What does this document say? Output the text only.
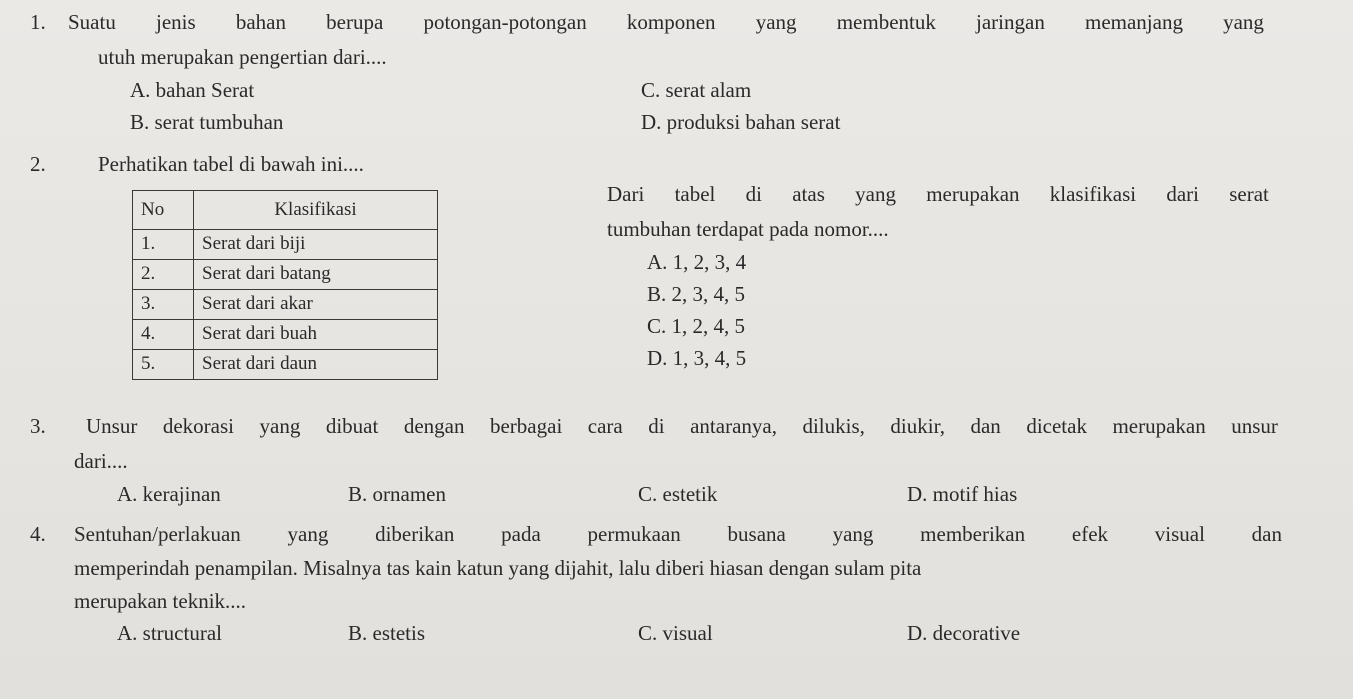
1. Suatu jenis bahan berupa potongan-potongan komponen yang membentuk jaringan memanjang yang
utuh merupakan pengertian dari....
A. bahan Serat
B. serat tumbuhan
C. serat alam
D. produksi bahan serat
2. Perhatikan tabel di bawah ini....
No	Klasifikasi
1.	Serat dari biji
2.	Serat dari batang
3.	Serat dari akar
4.	Serat dari buah
5.	Serat dari daun
Dari tabel di atas yang merupakan klasifikasi dari serat
tumbuhan terdapat pada nomor....
A. 1, 2, 3, 4
B. 2, 3, 4, 5
C. 1, 2, 4, 5
D. 1, 3, 4, 5
3. Unsur dekorasi yang dibuat dengan berbagai cara di antaranya, dilukis, diukir, dan dicetak merupakan unsur
dari....
A. kerajinan	B. ornamen	C. estetik	D. motif hias
4. Sentuhan/perlakuan yang diberikan pada permukaan busana yang memberikan efek visual dan
memperindah penampilan. Misalnya tas kain katun yang dijahit, lalu diberi hiasan dengan sulam pita
merupakan teknik....
A. structural	B. estetis	C. visual	D. decorative
